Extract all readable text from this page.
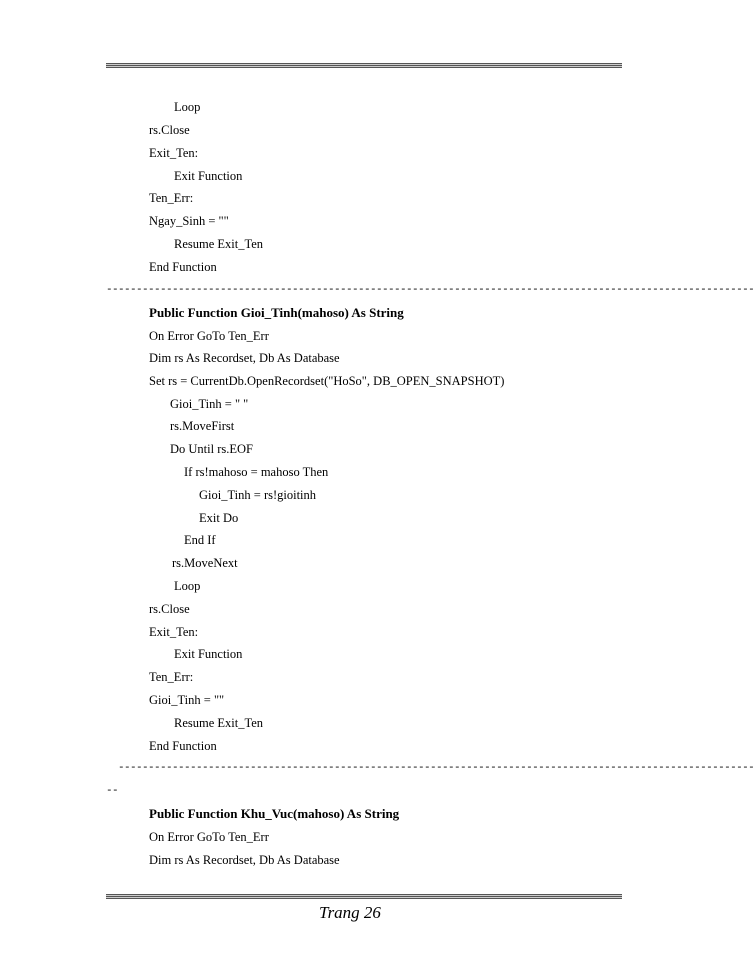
Loop
rs.Close
Exit_Ten:
Exit Function
Ten_Err:
Ngay_Sinh = ""
Resume Exit_Ten
End Function
------------------------------------------------------------------------------------------------------------
Public Function Gioi_Tinh(mahoso) As String
On Error GoTo Ten_Err
Dim rs As Recordset, Db As Database
Set rs = CurrentDb.OpenRecordset("HoSo", DB_OPEN_SNAPSHOT)
Gioi_Tinh = " "
rs.MoveFirst
Do Until rs.EOF
If rs!mahoso = mahoso Then
Gioi_Tinh = rs!gioitinh
Exit Do
End If
rs.MoveNext
Loop
rs.Close
Exit_Ten:
Exit Function
Ten_Err:
Gioi_Tinh = ""
Resume Exit_Ten
End Function
----------------------------------------------------------------------------------------------------------
--
Public Function Khu_Vuc(mahoso) As String
On Error GoTo Ten_Err
Dim rs As Recordset, Db As Database
Trang 26
